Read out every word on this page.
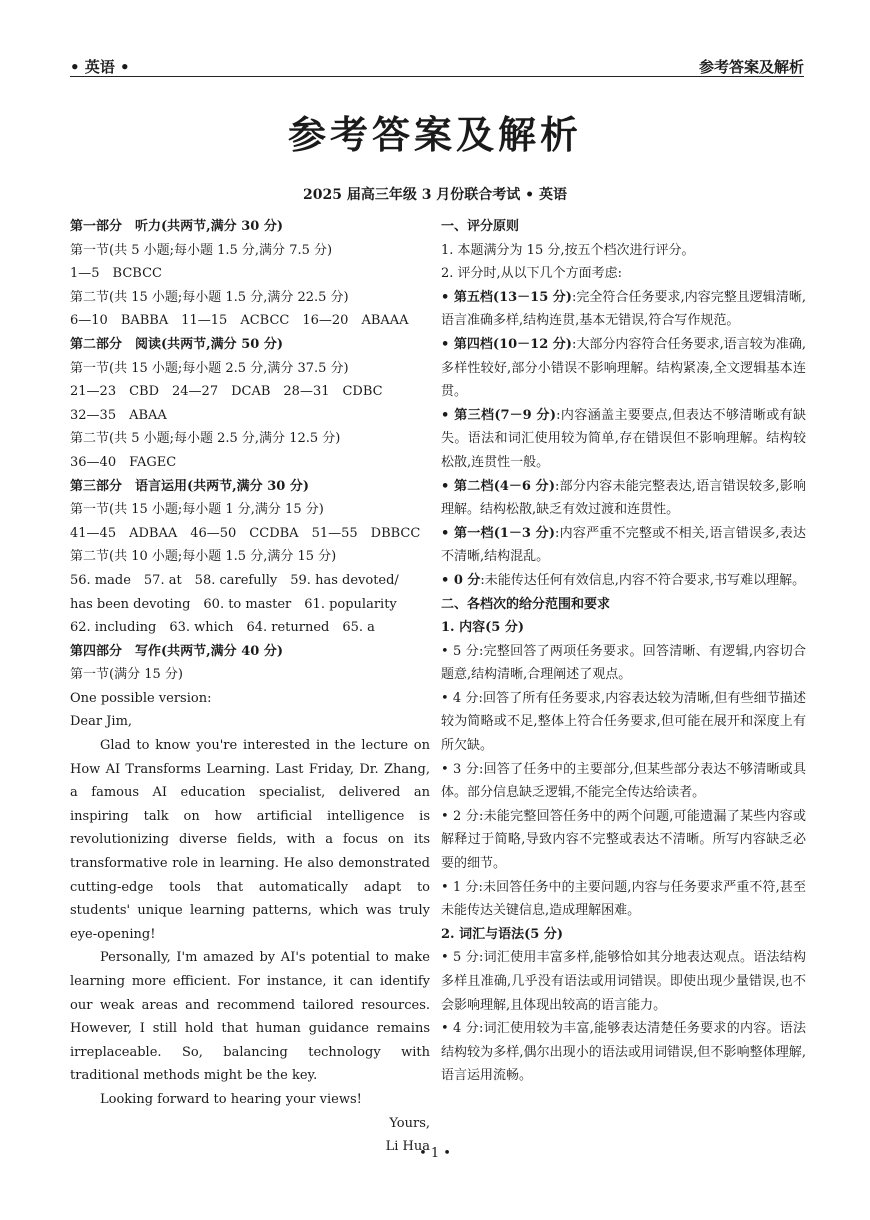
• 英语 •	参考答案及解析
参考答案及解析
2025 届高三年级 3 月份联合考试 • 英语
第一部分　听力(共两节,满分 30 分)
第一节(共 5 小题;每小题 1.5 分,满分 7.5 分)
1—5　BCBCC
第二节(共 15 小题;每小题 1.5 分,满分 22.5 分)
6—10　BABBA　11—15　ACBCC　16—20　ABAAA
第二部分　阅读(共两节,满分 50 分)
第一节(共 15 小题;每小题 2.5 分,满分 37.5 分)
21—23　CBD　24—27　DCAB　28—31　CDBC
32—35　ABAA
第二节(共 5 小题;每小题 2.5 分,满分 12.5 分)
36—40　FAGEC
第三部分　语言运用(共两节,满分 30 分)
第一节(共 15 小题;每小题 1 分,满分 15 分)
41—45　ADBAA　46—50　CCDBA　51—55　DBBCC
第二节(共 10 小题;每小题 1.5 分,满分 15 分)
56. made　57. at　58. carefully　59. has devoted/
has been devoting　60. to master　61. popularity
62. including　63. which　64. returned　65. a
第四部分　写作(共两节,满分 40 分)
第一节(满分 15 分)
One possible version:
Dear Jim,
Glad to know you're interested in the lecture on How AI Transforms Learning. Last Friday, Dr. Zhang, a famous AI education specialist, delivered an inspiring talk on how artificial intelligence is revolutionizing diverse fields, with a focus on its transformative role in learning. He also demonstrated cutting-edge tools that automatically adapt to students' unique learning patterns, which was truly eye-opening!
Personally, I'm amazed by AI's potential to make learning more efficient. For instance, it can identify our weak areas and recommend tailored resources. However, I still hold that human guidance remains irreplaceable. So, balancing technology with traditional methods might be the key.
Looking forward to hearing your views!
Yours,
Li Hua
一、评分原则
1. 本题满分为 15 分,按五个档次进行评分。
2. 评分时,从以下几个方面考虑:
• 第五档(13－15 分):完全符合任务要求,内容完整且逻辑清晰,语言准确多样,结构连贯,基本无错误,符合写作规范。
• 第四档(10－12 分):大部分内容符合任务要求,语言较为准确,多样性较好,部分小错误不影响理解。结构紧凑,全文逻辑基本连贯。
• 第三档(7－9 分):内容涵盖主要要点,但表达不够清晰或有缺失。语法和词汇使用较为简单,存在错误但不影响理解。结构较松散,连贯性一般。
• 第二档(4－6 分):部分内容未能完整表达,语言错误较多,影响理解。结构松散,缺乏有效过渡和连贯性。
• 第一档(1－3 分):内容严重不完整或不相关,语言错误多,表达不清晰,结构混乱。
• 0 分:未能传达任何有效信息,内容不符合要求,书写难以理解。
二、各档次的给分范围和要求
1. 内容(5 分)
• 5 分:完整回答了两项任务要求。回答清晰、有逻辑,内容切合题意,结构清晰,合理阐述了观点。
• 4 分:回答了所有任务要求,内容表达较为清晰,但有些细节描述较为简略或不足,整体上符合任务要求,但可能在展开和深度上有所欠缺。
• 3 分:回答了任务中的主要部分,但某些部分表达不够清晰或具体。部分信息缺乏逻辑,不能完全传达给读者。
• 2 分:未能完整回答任务中的两个问题,可能遗漏了某些内容或解释过于简略,导致内容不完整或表达不清晰。所写内容缺乏必要的细节。
• 1 分:未回答任务中的主要问题,内容与任务要求严重不符,甚至未能传达关键信息,造成理解困难。
2. 词汇与语法(5 分)
• 5 分:词汇使用丰富多样,能够恰如其分地表达观点。语法结构多样且准确,几乎没有语法或用词错误。即使出现少量错误,也不会影响理解,且体现出较高的语言能力。
• 4 分:词汇使用较为丰富,能够表达清楚任务要求的内容。语法结构较为多样,偶尔出现小的语法或用词错误,但不影响整体理解,语言运用流畅。
• 1 •
